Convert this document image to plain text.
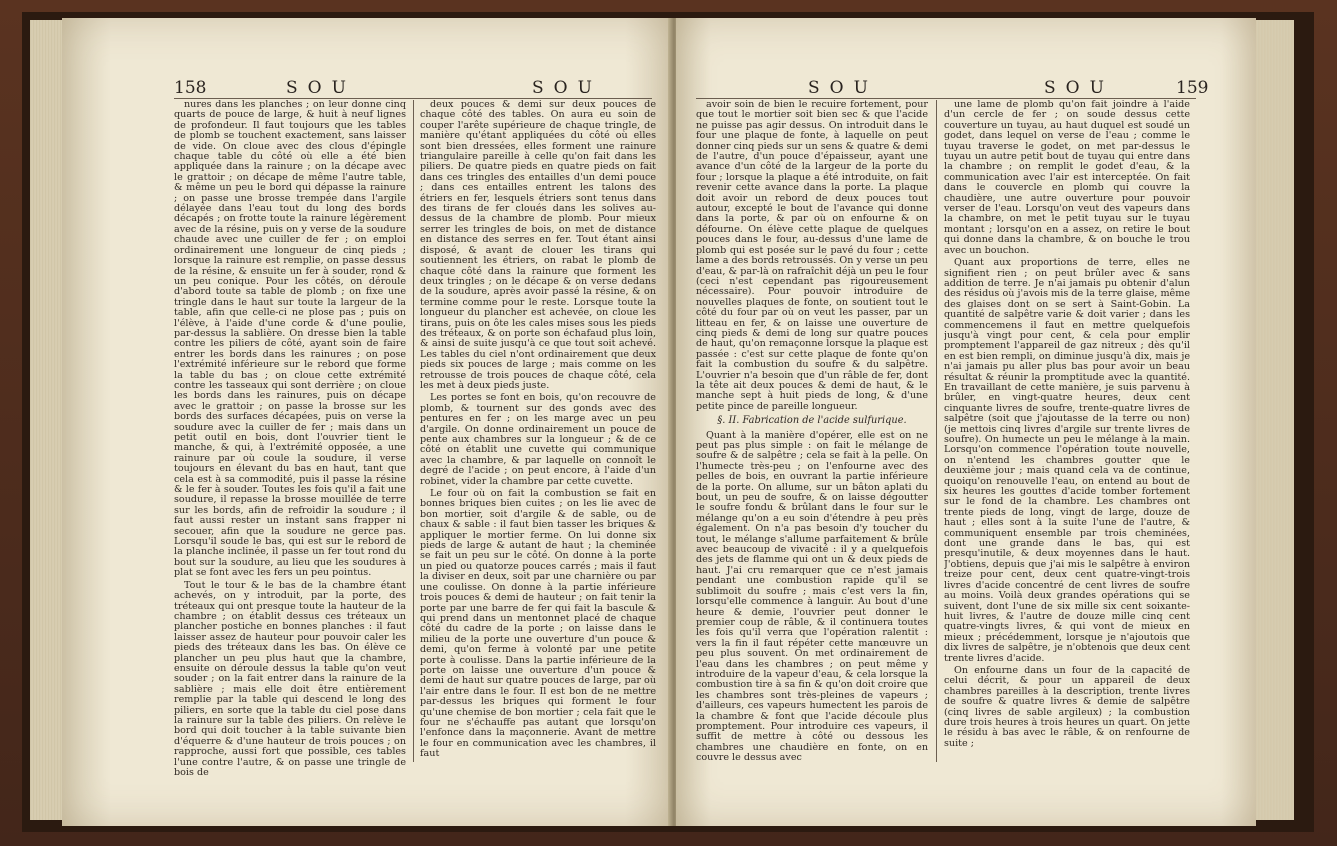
158	SOU	SOU

nures dans les planches ; on leur donne cinq quarts de pouce de large, & huit à neuf lignes de profondeur. Il faut toujours que les tables de plomb se touchent exactement, sans laisser de vide. On cloue avec des clous d'épingle chaque table du côté où elle a été bien appliquée dans la rainure ; on la décape avec le grattoir ; on décape de même l'autre table, & même un peu le bord qui dépasse la rainure ; on passe une brosse trempée dans l'argile délayée dans l'eau tout du long des bords décapés ; on frotte toute la rainure légèrement avec de la résine, puis on y verse de la soudure chaude avec une cuiller de fer ; on emploi ordinairement une longueur de cinq pieds ; lorsque la rainure est remplie, on passe dessus de la résine, & ensuite un fer à souder, rond & un peu conique. Pour les côtés, on déroule d'abord toute sa table de plomb ; on fixe une tringle dans le haut sur toute la largeur de la table, afin que celle-ci ne plose pas ; puis on l'élève, à l'aide d'une corde & d'une poulie, par-dessus la sablière. On dresse bien la table contre les piliers de côté, ayant soin de faire entrer les bords dans les rainures ; on pose l'extrémité inférieure sur le rebord que forme la table du bas ; on cloue cette extrémité contre les tasseaux qui sont derrière ; on cloue les bords dans les rainures, puis on décape avec le grattoir ; on passe la brosse sur les bords des surfaces décapées, puis on verse la soudure avec la cuiller de fer ; mais dans un petit outil en bois, dont l'ouvrier tient le manche, & qui, à l'extrémité opposée, a une rainure par où coule la soudure, il verse toujours en élevant du bas en haut, tant que cela est à sa commodité, puis il passe la résine & le fer à souder. Toutes les fois qu'il a fait une soudure, il repasse la brosse mouillée de terre sur les bords, afin de refroidir la soudure ; il faut aussi rester un instant sans frapper ni secouer, afin que la soudure ne gerce pas. Lorsqu'il soude le bas, qui est sur le rebord de la planche inclinée, il passe un fer tout rond du bout sur la soudure, au lieu que les soudures à plat se font avec les fers un peu pointus.

Tout le tour & le bas de la chambre étant achevés, on y introduit, par la porte, des tréteaux qui ont presque toute la hauteur de la chambre ; on établit dessus ces tréteaux un plancher postiche en bonnes planches : il faut laisser assez de hauteur pour pouvoir caler les pieds des tréteaux dans les bas. On élève ce plancher un peu plus haut que la chambre, ensuite on déroule dessus la table qu'on veut souder ; on la fait entrer dans la rainure de la sablière ; mais elle doit être entièrement remplie par la table qui descend le long des piliers, en sorte que la table du ciel pose dans la rainure sur la table des piliers. On relève le bord qui doit toucher à la table suivante bien d'équerre & d'une hauteur de trois pouces ; on rapproche, aussi fort que possible, ces tables l'une contre l'autre, & on passe une tringle de bois de

deux pouces & demi sur deux pouces de chaque côté des tables. On aura eu soin de couper l'arête supérieure de chaque tringle, de manière qu'étant appliquées du côté où elles sont bien dressées, elles forment une rainure triangulaire pareille à celle qu'on fait dans les piliers. De quatre pieds en quatre pieds on fait dans ces tringles des entailles d'un demi pouce ; dans ces entailles entrent les talons des étriers en fer, lesquels étriers sont tenus dans des tirans de fer cloués dans les solives au-dessus de la chambre de plomb. Pour mieux serrer les tringles de bois, on met de distance en distance des serres en fer. Tout étant ainsi disposé, & avant de clouer les tirans qui soutiennent les étriers, on rabat le plomb de chaque côté dans la rainure que forment les deux tringles ; on le décape & on verse dedans de la soudure, après avoir passé la résine, & on termine comme pour le reste. Lorsque toute la longueur du plancher est achevée, on cloue les tirans, puis on ôte les cales mises sous les pieds des tréteaux, & on porte son échafaud plus loin, & ainsi de suite jusqu'à ce que tout soit achevé. Les tables du ciel n'ont ordinairement que deux pieds six pouces de large ; mais comme on les retrousse de trois pouces de chaque côté, cela les met à deux pieds juste.

Les portes se font en bois, qu'on recouvre de plomb, & tournent sur des gonds avec des pentures en fer ; on les marge avec un peu d'argile. On donne ordinairement un pouce de pente aux chambres sur la longueur ; & de ce côté on établit une cuvette qui communique avec la chambre, & par laquelle on connoît le degré de l'acide ; on peut encore, à l'aide d'un robinet, vider la chambre par cette cuvette.

Le four où on fait la combustion se fait en bonnes briques bien cuites ; on les lie avec de bon mortier, soit d'argile & de sable, ou de chaux & sable : il faut bien tasser les briques & appliquer le mortier ferme. On lui donne six pieds de large & autant de haut ; la cheminée se fait un peu sur le côté. On donne à la porte un pied ou quatorze pouces carrés ; mais il faut la diviser en deux, soit par une charnière ou par une coulisse. On donne à la partie inférieure trois pouces & demi de hauteur ; on fait tenir la porte par une barre de fer qui fait la bascule & qui prend dans un mentonnet placé de chaque côté du cadre de la porte ; on laisse dans le milieu de la porte une ouverture d'un pouce & demi, qu'on ferme à volonté par une petite porte à coulisse. Dans la partie inférieure de la porte on laisse une ouverture d'un pouce & demi de haut sur quatre pouces de large, par où l'air entre dans le four. Il est bon de ne mettre par-dessus les briques qui forment le four qu'une chemise de bon mortier ; cela fait que le four ne s'échauffe pas autant que lorsqu'on l'enfonce dans la maçonnerie. Avant de mettre le four en communication avec les chambres, il faut

SOU	SOU	159

avoir soin de bien le recuire fortement, pour que tout le mortier soit bien sec & que l'acide ne puisse pas agir dessus. On introduit dans le four une plaque de fonte, à laquelle on peut donner cinq pieds sur un sens & quatre & demi de l'autre, d'un pouce d'épaisseur, ayant une avance d'un côté de la largeur de la porte du four ; lorsque la plaque a été introduite, on fait revenir cette avance dans la porte. La plaque doit avoir un rebord de deux pouces tout autour, excepté le bout de l'avance qui donne dans la porte, & par où on enfourne & on défourne. On élève cette plaque de quelques pouces dans le four, au-dessus d'une lame de plomb qui est posée sur le pavé du four ; cette lame a des bords retroussés. On y verse un peu d'eau, & par-là on rafraîchit déjà un peu le four (ceci n'est cependant pas rigoureusement nécessaire). Pour pouvoir introduire de nouvelles plaques de fonte, on soutient tout le côté du four par où on veut les passer, par un litteau en fer, & on laisse une ouverture de cinq pieds & demi de long sur quatre pouces de haut, qu'on remaçonne lorsque la plaque est passée : c'est sur cette plaque de fonte qu'on fait la combustion du soufre & du salpêtre. L'ouvrier n'a besoin que d'un râble de fer, dont la tête ait deux pouces & demi de haut, & le manche sept à huit pieds de long, & d'une petite pince de pareille longueur.

§. II. Fabrication de l'acide sulfurique.

Quant à la manière d'opérer, elle est on ne peut pas plus simple : on fait le mélange de soufre & de salpêtre ; cela se fait à la pelle. On l'humecte très-peu ; on l'enfourne avec des pelles de bois, en ouvrant la partie inférieure de la porte. On allume, sur un bâton aplati du bout, un peu de soufre, & on laisse dégoutter le soufre fondu & brûlant dans le four sur le mélange qu'on a eu soin d'étendre à peu près également. On n'a pas besoin d'y toucher du tout, le mélange s'allume parfaitement & brûle avec beaucoup de vivacité : il y a quelquefois des jets de flamme qui ont un & deux pieds de haut. J'ai cru remarquer que ce n'est jamais pendant une combustion rapide qu'il se sublimoit du soufre ; mais c'est vers la fin, lorsqu'elle commence à languir. Au bout d'une heure & demie, l'ouvrier peut donner le premier coup de râble, & il continuera toutes les fois qu'il verra que l'opération ralentit : vers la fin il faut répéter cette manœuvre un peu plus souvent. On met ordinairement de l'eau dans les chambres ; on peut même y introduire de la vapeur d'eau, & cela lorsque la combustion tire à sa fin & qu'on doit croire que les chambres sont très-pleines de vapeurs ; d'ailleurs, ces vapeurs humectent les parois de la chambre & font que l'acide découle plus promptement. Pour introduire ces vapeurs, il suffit de mettre à côté ou dessous les chambres une chaudière en fonte, on en couvre le dessus avec

une lame de plomb qu'on fait joindre à l'aide d'un cercle de fer ; on soude dessus cette couverture un tuyau, au haut duquel est soudé un godet, dans lequel on verse de l'eau ; comme le tuyau traverse le godet, on met par-dessus le tuyau un autre petit bout de tuyau qui entre dans la chambre ; on remplit le godet d'eau, & la communication avec l'air est interceptée. On fait dans le couvercle en plomb qui couvre la chaudière, une autre ouverture pour pouvoir verser de l'eau. Lorsqu'on veut des vapeurs dans la chambre, on met le petit tuyau sur le tuyau montant ; lorsqu'on en a assez, on retire le bout qui donne dans la chambre, & on bouche le trou avec un bouchon.

Quant aux proportions de terre, elles ne signifient rien ; on peut brûler avec & sans addition de terre. Je n'ai jamais pu obtenir d'alun des résidus où j'avois mis de la terre glaise, même des glaises dont on se sert à Saint-Gobin. La quantité de salpêtre varie & doit varier ; dans les commencemens il faut en mettre quelquefois jusqu'à vingt pour cent, & cela pour emplir promptement l'appareil de gaz nitreux ; dès qu'il en est bien rempli, on diminue jusqu'à dix, mais je n'ai jamais pu aller plus bas pour avoir un beau résultat & réunir la promptitude avec la quantité. En travaillant de cette manière, je suis parvenu à brûler, en vingt-quatre heures, deux cent cinquante livres de soufre, trente-quatre livres de salpêtre (soit que j'ajoutasse de la terre ou non) (je mettois cinq livres d'argile sur trente livres de soufre). On humecte un peu le mélange à la main. Lorsqu'on commence l'opération toute nouvelle, on n'entend les chambres goutter que le deuxième jour ; mais quand cela va de continue, quoiqu'on renouvelle l'eau, on entend au bout de six heures les gouttes d'acide tomber fortement sur le fond de la chambre. Les chambres ont trente pieds de long, vingt de large, douze de haut ; elles sont à la suite l'une de l'autre, & communiquent ensemble par trois cheminées, dont une grande dans le bas, qui est presqu'inutile, & deux moyennes dans le haut. J'obtiens, depuis que j'ai mis le salpêtre à environ treize pour cent, deux cent quatre-vingt-trois livres d'acide concentré de cent livres de soufre au moins. Voilà deux grandes opérations qui se suivent, dont l'une de six mille six cent soixante-huit livres, & l'autre de douze mille cinq cent quatre-vingts livres, & qui vont de mieux en mieux ; précédemment, lorsque je n'ajoutois que dix livres de salpêtre, je n'obtenois que deux cent trente livres d'acide.

On enfourne dans un four de la capacité de celui décrit, & pour un appareil de deux chambres pareilles à la description, trente livres de soufre & quatre livres & demie de salpêtre (cinq livres de sable argileux) ; la combustion dure trois heures à trois heures un quart. On jette le résidu à bas avec le râble, & on renfourne de suite ;
